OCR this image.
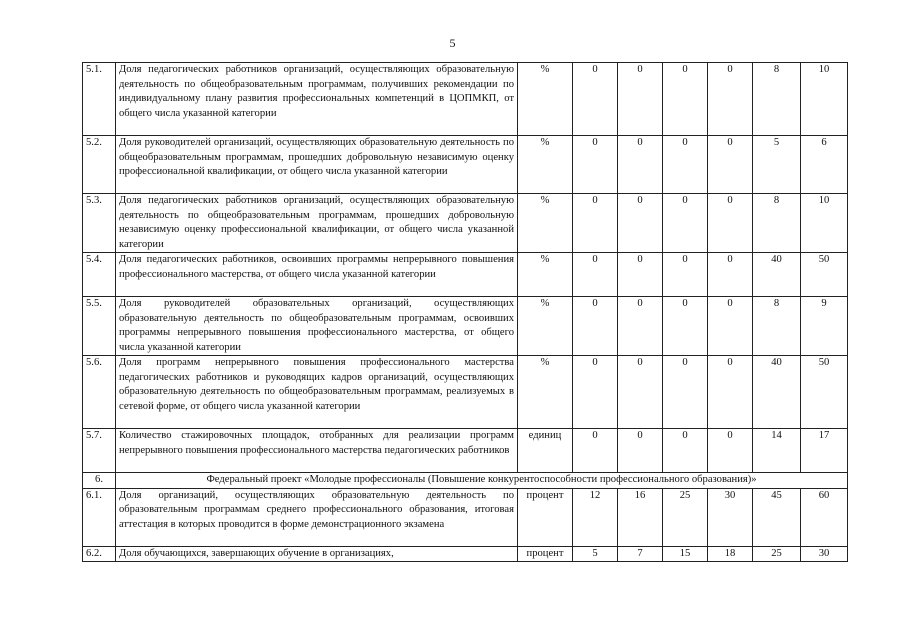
5
5.1.	Доля педагогических работников организаций, осуществляющих образовательную деятельность по общеобразовательным программам, получивших рекомендации по индивидуальному плану развития профессиональных компетенций в ЦОПМКП, от общего числа указанной категории	%	0	0	0	0	8	10
5.2.	Доля руководителей организаций, осуществляющих образовательную деятельность по общеобразовательным программам, прошедших добровольную независимую оценку профессиональной квалификации, от общего числа указанной категории	%	0	0	0	0	5	6
5.3.	Доля педагогических работников организаций, осуществляющих образовательную деятельность по общеобразовательным программам, прошедших добровольную независимую оценку профессиональной квалификации, от общего числа указанной категории	%	0	0	0	0	8	10
5.4.	Доля педагогических работников, освоивших программы непрерывного повышения профессионального мастерства, от общего числа указанной категории	%	0	0	0	0	40	50
5.5.	Доля руководителей образовательных организаций, осуществляющих образовательную деятельность по общеобразовательным программам, освоивших программы непрерывного повышения профессионального мастерства, от общего числа указанной категории	%	0	0	0	0	8	9
5.6.	Доля программ непрерывного повышения профессионального мастерства педагогических работников и руководящих кадров организаций, осуществляющих образовательную деятельность по общеобразовательным программам, реализуемых в сетевой форме, от общего числа указанной категории	%	0	0	0	0	40	50
5.7.	Количество стажировочных площадок, отобранных для реализации программ непрерывного повышения профессионального мастерства педагогических работников	единиц	0	0	0	0	14	17
6.	Федеральный проект «Молодые профессионалы (Повышение конкурентоспособности профессионального образования)»							
6.1.	Доля организаций, осуществляющих образовательную деятельность по образовательным программам среднего профессионального образования, итоговая аттестация в которых проводится в форме демонстрационного экзамена	процент	12	16	25	30	45	60
6.2.	Доля обучающихся, завершающих обучение в организациях,	процент	5	7	15	18	25	30
